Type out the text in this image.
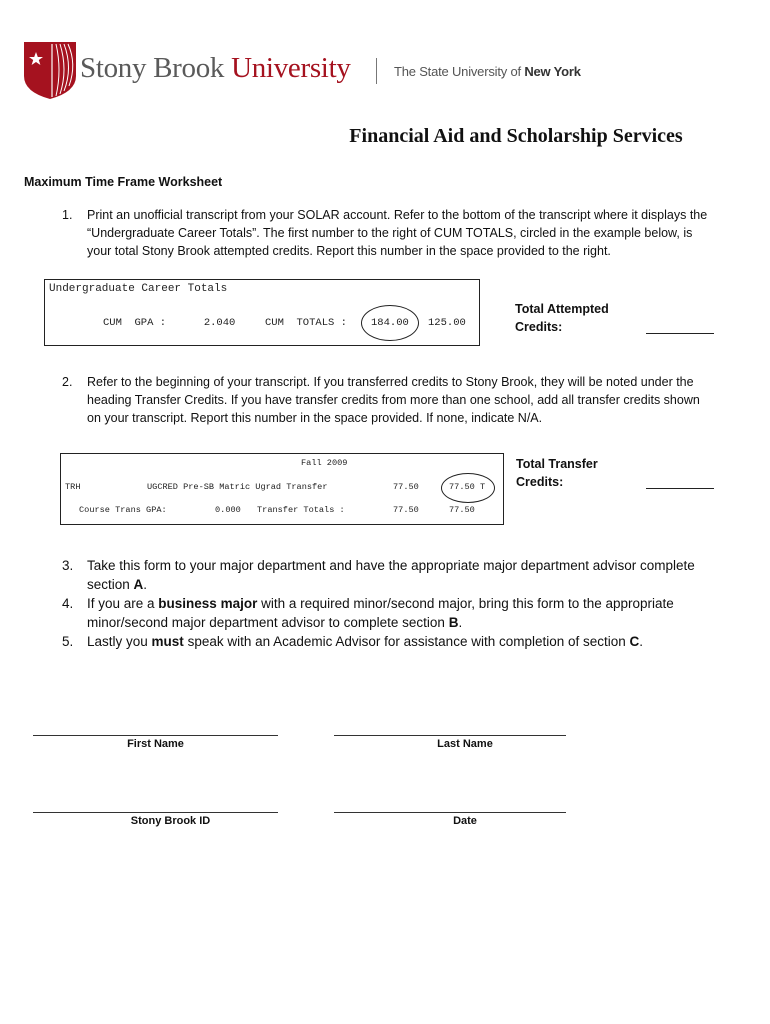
Stony Brook University	The State University of New York
Financial Aid and Scholarship Services
Maximum Time Frame Worksheet
1. Print an unofficial transcript from your SOLAR account. Refer to the bottom of the transcript where it displays the
“Undergraduate Career Totals”. The first number to the right of CUM TOTALS, circled in the example below, is
your total Stony Brook attempted credits. Report this number in the space provided to the right.
Undergraduate Career Totals
CUM  GPA :      2.040	CUM  TOTALS : 184.00 125.00
Total Attempted
Credits:
2. Refer to the beginning of your transcript. If you transferred credits to Stony Brook, they will be noted under the
heading Transfer Credits. If you have transfer credits from more than one school, add all transfer credits shown
on your transcript. Report this number in the space provided. If none, indicate N/A.
Fall 2009
TRH	UGCRED Pre-SB Matric Ugrad Transfer	77.50	77.50 T
Course Trans GPA:	0.000 Transfer Totals :	77.50	77.50
Total Transfer
Credits:
3. Take this form to your major department and have the appropriate major department advisor complete
section A.
4. If you are a business major with a required minor/second major, bring this form to the appropriate
minor/second major department advisor to complete section B.
5. Lastly you must speak with an Academic Advisor for assistance with completion of section C.
First Name	Last Name
Stony Brook ID	Date
